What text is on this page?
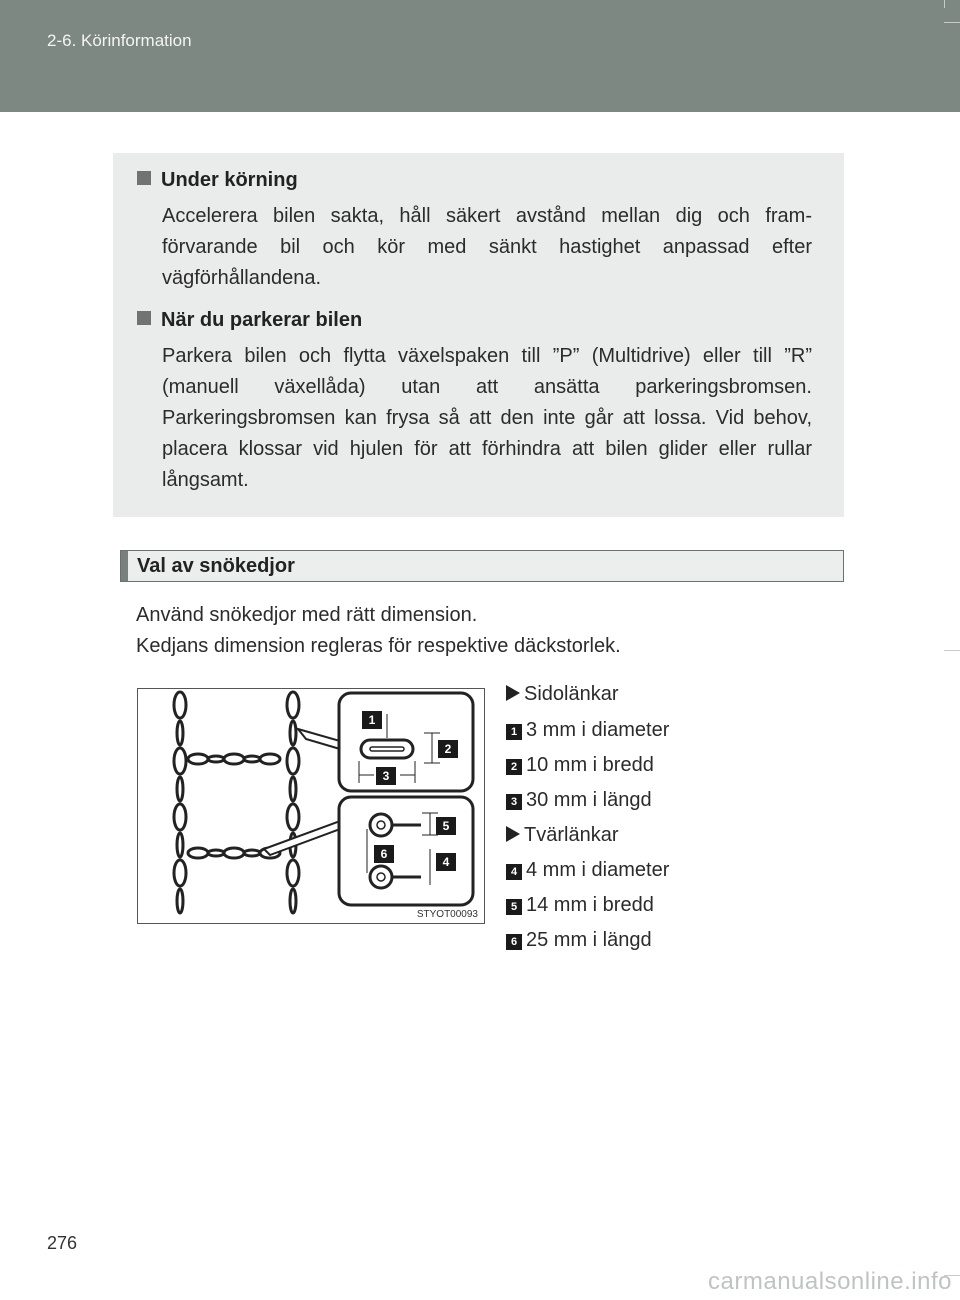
2-6. Körinformation
Under körning
Accelerera bilen sakta, håll säkert avstånd mellan dig och framförvarande bil och kör med sänkt hastighet anpassad efter vägförhållandena.
När du parkerar bilen
Parkera bilen och flytta växelspaken till ”P” (Multidrive) eller till ”R” (manuell växellåda) utan att ansätta parkeringsbromsen. Parkeringsbromsen kan frysa så att den inte går att lossa. Vid behov, placera klossar vid hjulen för att förhindra att bilen glider eller rullar långsamt.
Val av snökedjor
Använd snökedjor med rätt dimension.
Kedjans dimension regleras för respektive däckstorlek.
1
2
3
4
5
6
STYOT00093
Sidolänkar
1 3 mm i diameter
2 10 mm i bredd
3 30 mm i längd
Tvärlänkar
4 4 mm i diameter
5 14 mm i bredd
6 25 mm i längd
276
carmanualsonline.info
